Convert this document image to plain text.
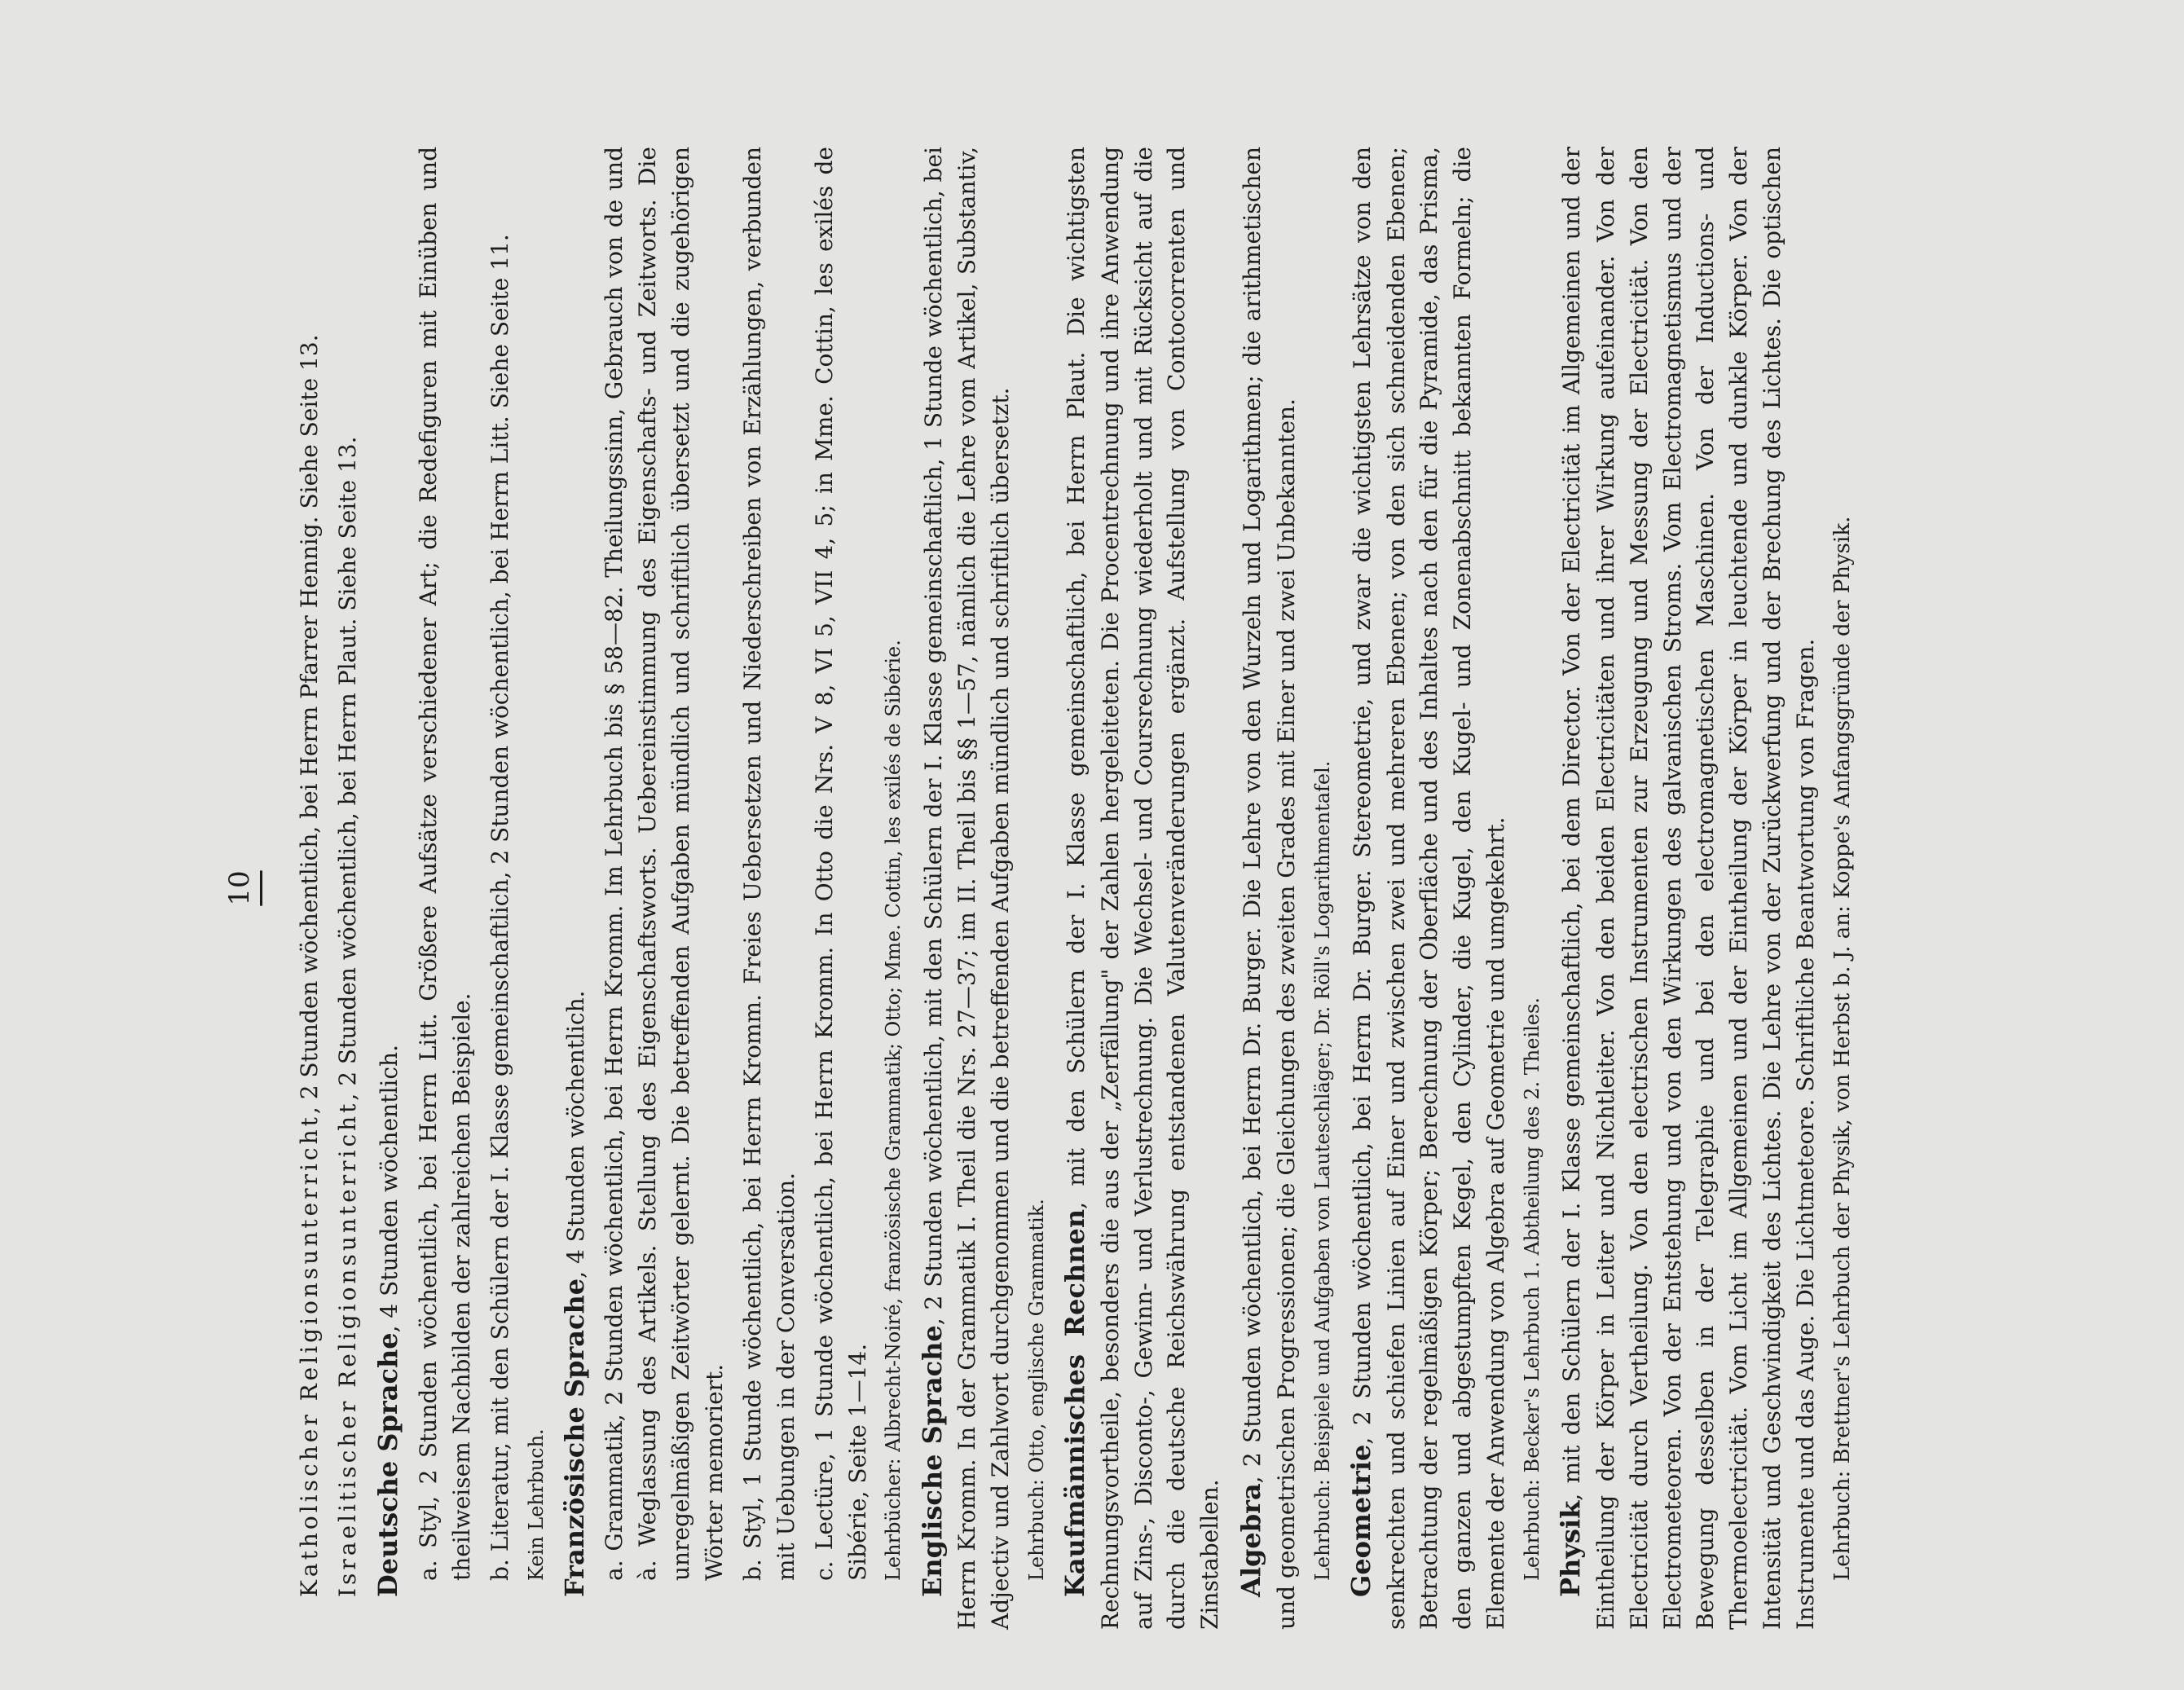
10

Katholischer Religionsunterricht, 2 Stunden wöchentlich, bei Herrn Pfarrer Hennig. Siehe Seite 13.

Israelitischer Religionsunterricht, 2 Stunden wöchentlich, bei Herrn Plaut. Siehe Seite 13.

Deutsche Sprache, 4 Stunden wöchentlich. a. Styl, 2 Stunden wöchentlich, bei Herrn Litt. Größere Aufsätze verschiedener Art; die Redefiguren mit Einüben und theilweisem Nachbilden der zahlreichen Beispiele. b. Literatur, mit den Schülern der I. Klasse gemeinschaftlich, 2 Stunden wöchentlich, bei Herrn Litt. Siehe Seite 11. Kein Lehrbuch. Französische Sprache, 4 Stunden wöchentlich. a. Grammatik, 2 Stunden wöchentlich, bei Herrn Kromm. Im Lehrbuch bis § 58—82. Theilungssinn, Gebrauch von de und à. Weglassung des Artikels. Stellung des Eigenschaftsworts. Uebereinstimmung des Eigenschafts- und Zeitworts. Die unregelmäßigen Zeitwörter gelernt. Die betreffenden Aufgaben mündlich und schriftlich übersetzt und die zugehörigen Wörter memoriert. b. Styl, 1 Stunde wöchentlich, bei Herrn Kromm. Freies Uebersetzen und Niederschreiben von Erzählungen, verbunden mit Uebungen in der Conversation. c. Lectüre, 1 Stunde wöchentlich, bei Herrn Kromm. In Otto die Nrs. V 8, VI 5, VII 4, 5; in Mme. Cottin, les exilés de Sibérie, Seite 1—14. Lehrbücher: Albrecht-Noiré, französische Grammatik; Otto; Mme. Cottin, les exilés de Sibérie. Englische Sprache, 2 Stunden wöchentlich, mit den Schülern der I. Klasse gemeinschaftlich, 1 Stunde wöchentlich, bei Herrn Kromm. In der Grammatik I. Theil die Nrs. 27—37; im II. Theil bis §§ 1—57, nämlich die Lehre vom Artikel, Substantiv, Adjectiv und Zahlwort durchgenommen und die betreffenden Aufgaben mündlich und schriftlich übersetzt. Lehrbuch: Otto, englische Grammatik. Kaufmännisches Rechnen, mit den Schülern der I. Klasse gemeinschaftlich, bei Herrn Plaut. Die wichtigsten Rechnungsvortheile, besonders die aus der „Zerfällung" der Zahlen hergeleiteten. Die Procentrechnung und ihre Anwendung auf Zins-, Disconto-, Gewinn- und Verlustrechnung. Die Wechsel- und Coursrechnung wiederholt und mit Rücksicht auf die durch die deutsche Reichswährung entstandenen Valutenveränderungen ergänzt. Aufstellung von Contocorrenten und Zinstabellen. Algebra, 2 Stunden wöchentlich, bei Herrn Dr. Burger. Die Lehre von den Wurzeln und Logarithmen; die arithmetischen und geometrischen Progressionen; die Gleichungen des zweiten Grades mit Einer und zwei Unbekannten. Lehrbuch: Beispiele und Aufgaben von Lauteschläger; Dr. Röll's Logarithmentafel. Geometrie, 2 Stunden wöchentlich, bei Herrn Dr. Burger. Stereometrie, und zwar die wichtigsten Lehrsätze von den senkrechten und schiefen Linien auf Einer und zwischen zwei und mehreren Ebenen; von den sich schneidenden Ebenen; Betrachtung der regelmäßigen Körper; Berechnung der Oberfläche und des Inhaltes nach den für die Pyramide, das Prisma, den ganzen und abgestumpften Kegel, den Cylinder, die Kugel, den Kugel- und Zonenabschnitt bekannten Formeln; die Elemente der Anwendung von Algebra auf Geometrie und umgekehrt. Lehrbuch: Becker's Lehrbuch 1. Abtheilung des 2. Theiles. Physik, mit den Schülern der I. Klasse gemeinschaftlich, bei dem Director. Von der Electricität im Allgemeinen und der Eintheilung der Körper in Leiter und Nichtleiter. Von den beiden Electricitäten und ihrer Wirkung aufeinander. Von der Electricität durch Vertheilung. Von den electrischen Instrumenten zur Erzeugung und Messung der Electricität. Von den Electrometeoren. Von der Entstehung und von den Wirkungen des galvanischen Stroms. Vom Electromagnetismus und der Bewegung desselben in der Telegraphie und bei den electromagnetischen Maschinen. Von der Inductions- und Thermoelectricität. Vom Licht im Allgemeinen und der Eintheilung der Körper in leuchtende und dunkle Körper. Von der Intensität und Geschwindigkeit des Lichtes. Die Lehre von der Zurückwerfung und der Brechung des Lichtes. Die optischen Instrumente und das Auge. Die Lichtmeteore. Schriftliche Beantwortung von Fragen. Lehrbuch: Brettner's Lehrbuch der Physik, von Herbst b. J. an: Koppe's Anfangsgründe der Physik.
